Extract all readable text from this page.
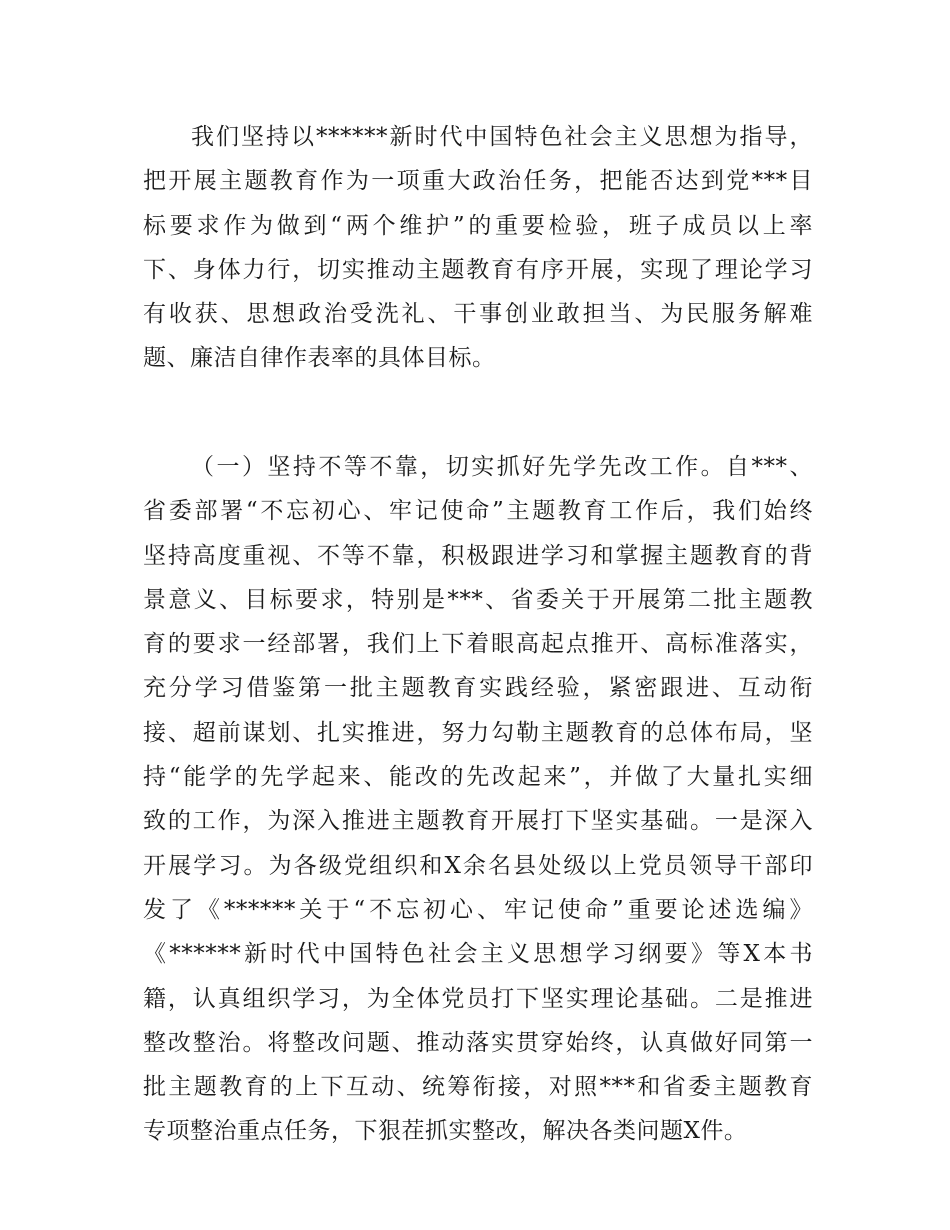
我们坚持以******新时代中国特色社会主义思想为指导，
把开展主题教育作为一项重大政治任务，把能否达到党***目
标要求作为做到“两个维护”的重要检验，班子成员以上率
下、身体力行，切实推动主题教育有序开展，实现了理论学习
有收获、思想政治受洗礼、干事创业敢担当、为民服务解难
题、廉洁自律作表率的具体目标。
（一）坚持不等不靠，切实抓好先学先改工作。自***、
省委部署“不忘初心、牢记使命”主题教育工作后，我们始终
坚持高度重视、不等不靠，积极跟进学习和掌握主题教育的背
景意义、目标要求，特别是***、省委关于开展第二批主题教
育的要求一经部署，我们上下着眼高起点推开、高标准落实，
充分学习借鉴第一批主题教育实践经验，紧密跟进、互动衔
接、超前谋划、扎实推进，努力勾勒主题教育的总体布局，坚
持“能学的先学起来、能改的先改起来”，并做了大量扎实细
致的工作，为深入推进主题教育开展打下坚实基础。一是深入
开展学习。为各级党组织和X余名县处级以上党员领导干部印
发了《******关于“不忘初心、牢记使命”重要论述选编》
《******新时代中国特色社会主义思想学习纲要》等X本书
籍，认真组织学习，为全体党员打下坚实理论基础。二是推进
整改整治。将整改问题、推动落实贯穿始终，认真做好同第一
批主题教育的上下互动、统筹衔接，对照***和省委主题教育
专项整治重点任务，下狠茬抓实整改，解决各类问题X件。
